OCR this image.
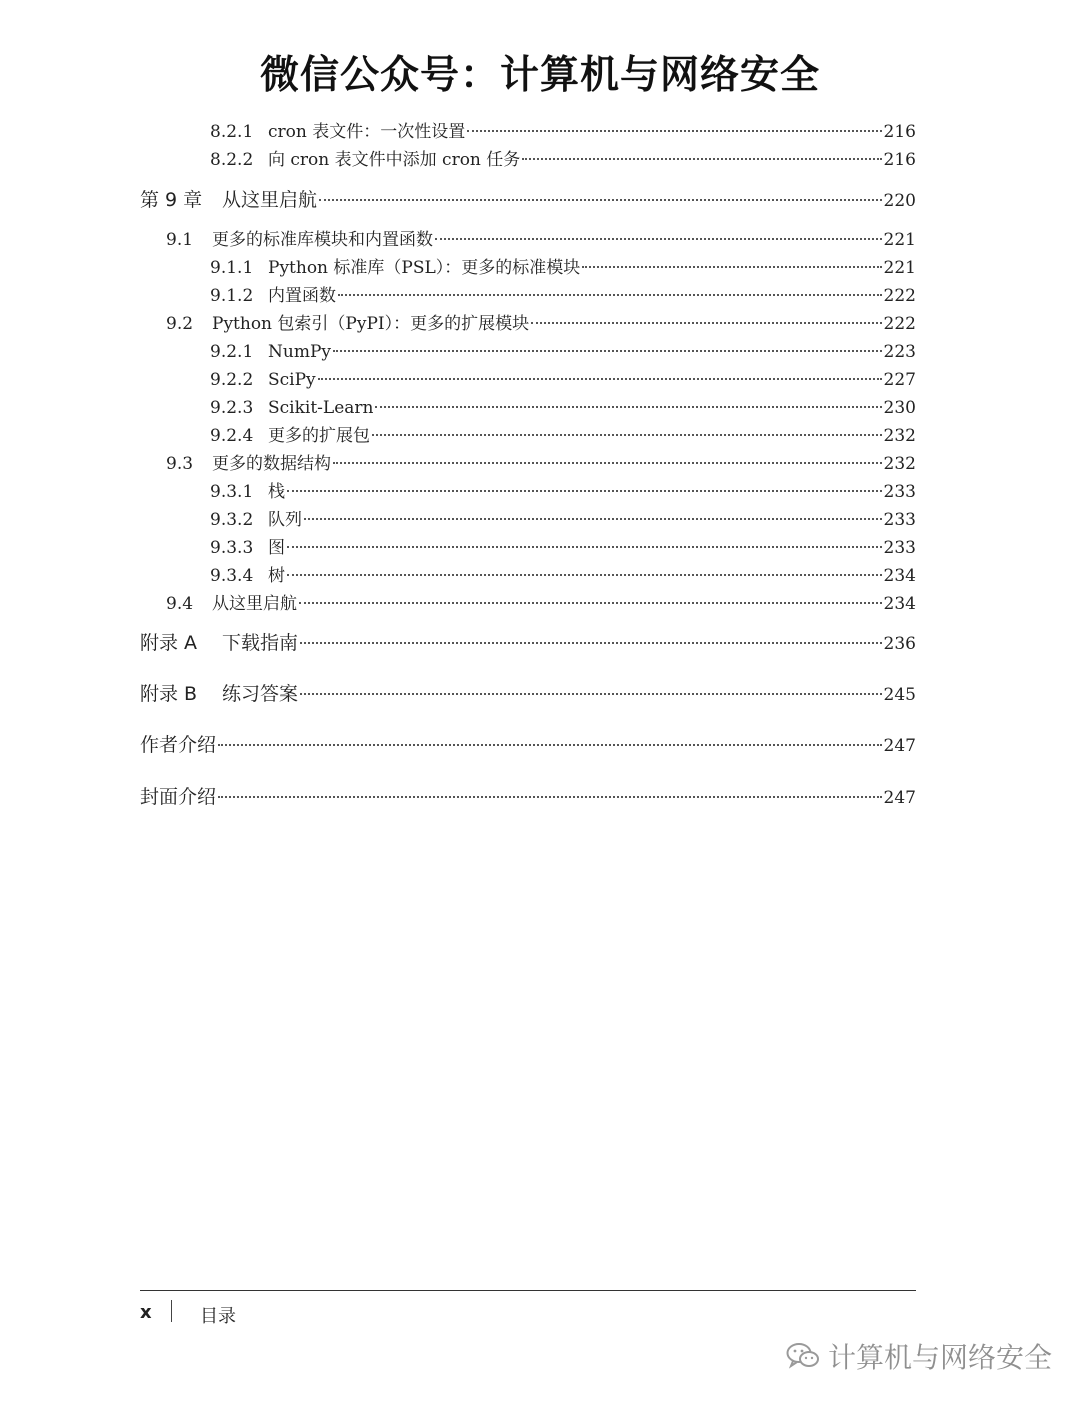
微信公众号：计算机与网络安全
8.2.1 cron 表文件：一次性设置	216
8.2.2 向 cron 表文件中添加 cron 任务	216
第 9 章	从这里启航	220
9.1	更多的标准库模块和内置函数	221
9.1.1 Python 标准库（PSL）：更多的标准模块	221
9.1.2 内置函数	222
9.2	Python 包索引（PyPI）：更多的扩展模块	222
9.2.1 NumPy	223
9.2.2 SciPy	227
9.2.3 Scikit-Learn	230
9.2.4 更多的扩展包	232
9.3	更多的数据结构	232
9.3.1 栈	233
9.3.2 队列	233
9.3.3 图	233
9.3.4 树	234
9.4	从这里启航	234
附录 A	下载指南	236
附录 B	练习答案	245
作者介绍	247
封面介绍	247
x	目录
计算机与网络安全
